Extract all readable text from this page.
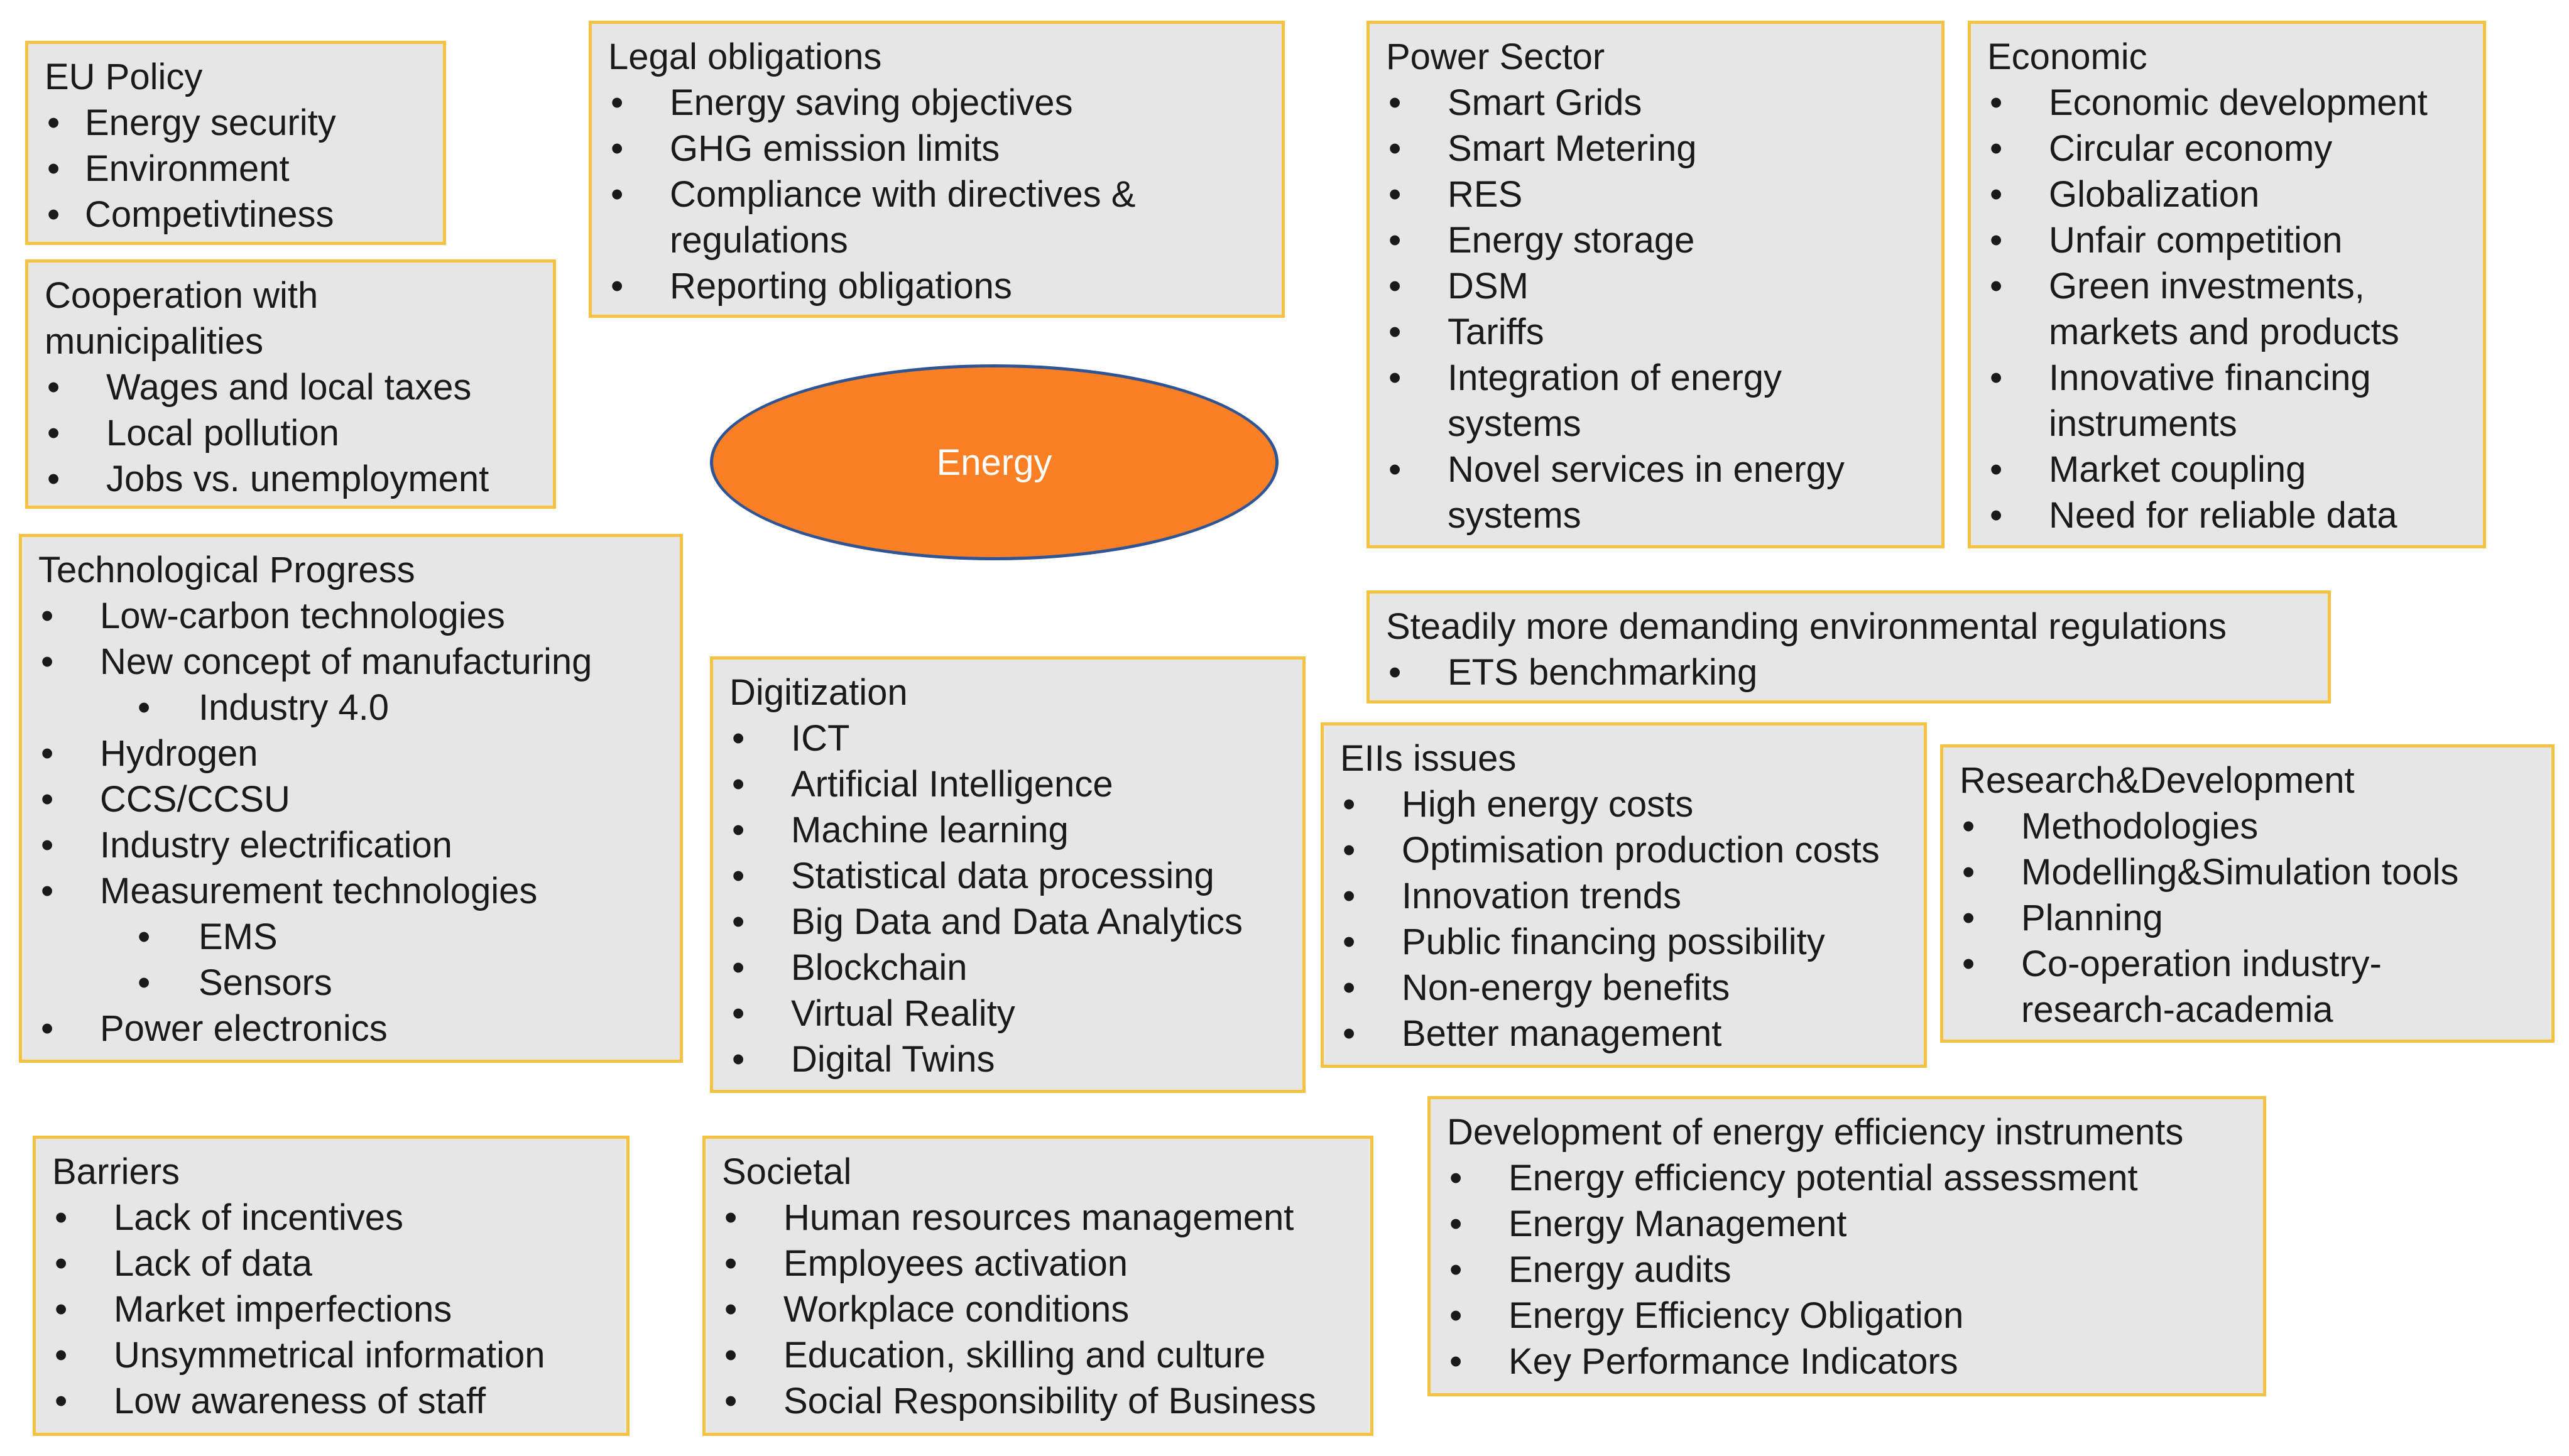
EU Policy
• Energy security
• Environment
• Competivtiness
Cooperation with municipalities
• Wages and local taxes
• Local pollution
• Jobs vs. unemployment
Technological Progress
• Low-carbon technologies
• New concept of manufacturing
• Industry 4.0
• Hydrogen
• CCS/CCSU
• Industry electrification
• Measurement technologies
• EMS
• Sensors
• Power electronics
Legal obligations
• Energy saving objectives
• GHG emission limits
• Compliance with directives & regulations
• Reporting obligations
Energy
Digitization
• ICT
• Artificial Intelligence
• Machine learning
• Statistical data processing
• Big Data and Data Analytics
• Blockchain
• Virtual Reality
• Digital Twins
Power Sector
• Smart Grids
• Smart Metering
• RES
• Energy storage
• DSM
• Tariffs
• Integration of energy systems
• Novel services in energy systems
Economic
• Economic development
• Circular economy
• Globalization
• Unfair competition
• Green investments, markets and products
• Innovative financing instruments
• Market coupling
• Need for reliable data
Steadily more demanding environmental regulations
• ETS benchmarking
EIIs issues
• High energy costs
• Optimisation production costs
• Innovation trends
• Public financing possibility
• Non-energy benefits
• Better management
Research&Development
• Methodologies
• Modelling&Simulation tools
• Planning
• Co-operation industry-research-academia
Barriers
• Lack of incentives
• Lack of data
• Market imperfections
• Unsymmetrical information
• Low awareness of staff
Societal
• Human resources management
• Employees activation
• Workplace conditions
• Education, skilling and culture
• Social Responsibility of Business
Development of energy efficiency instruments
• Energy efficiency potential assessment
• Energy Management
• Energy audits
• Energy Efficiency Obligation
• Key Performance Indicators
